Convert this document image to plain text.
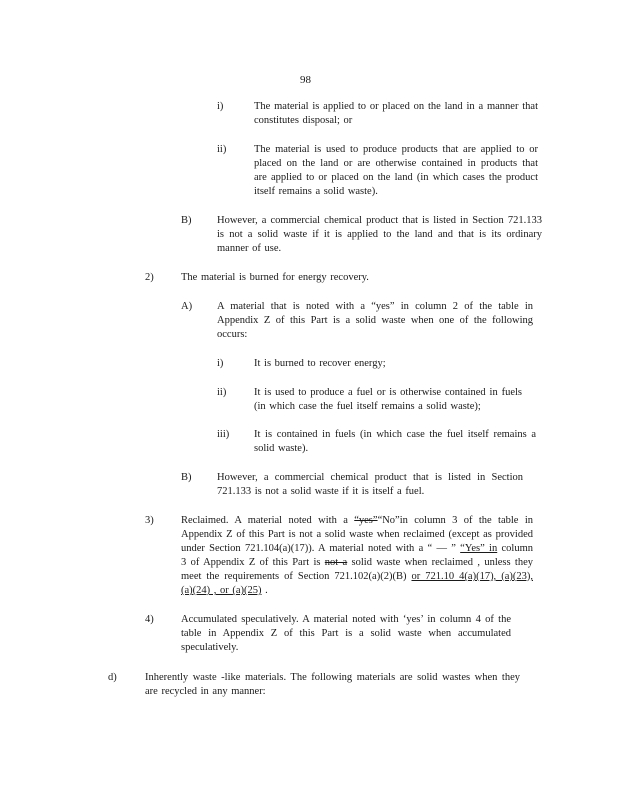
98
i)	The material is applied to or placed on the land in a manner that constitutes disposal; or
ii)	The material is used to produce products that are applied to or placed on the land or are otherwise contained in products that are applied to or placed on the land (in which cases the product itself remains a solid waste).
B) However, a commercial chemical product that is listed in Section 721.133 is not a solid waste if it is applied to the land and that is its ordinary manner of use.
2)	The material is burned for energy recovery.
A) A material that is noted with a “yes” in column 2 of the table in Appendix Z of this Part is a solid waste when one of the following occurs:
i)	It is burned to recover energy;
ii)	It is used to produce a fuel or is otherwise contained in fuels (in which case the fuel itself remains a solid waste);
iii) It is contained in fuels (in which case the fuel itself remains a solid waste).
B) However, a commercial chemical product that is listed in Section 721.133 is not a solid waste if it is itself a fuel.
3)	Reclaimed. A material noted with a “yes”“No”in column 3 of the table in Appendix Z of this Part is not a solid waste when reclaimed (except as provided under Section 721.104(a)(17)). A material noted with a “ — ” “Yes” in column 3 of Appendix Z of this Part is not a solid waste when reclaimed , unless they meet the requirements of Section 721.102(a)(2)(B) or 721.10 4(a)(17), (a)(23), (a)(24) , or (a)(25) .
4)	Accumulated speculatively. A material noted with ‘yes’ in column 4 of the table in Appendix Z of this Part is a solid waste when accumulated speculatively.
d)	Inherently waste -like materials. The following materials are solid wastes when they are recycled in any manner:
